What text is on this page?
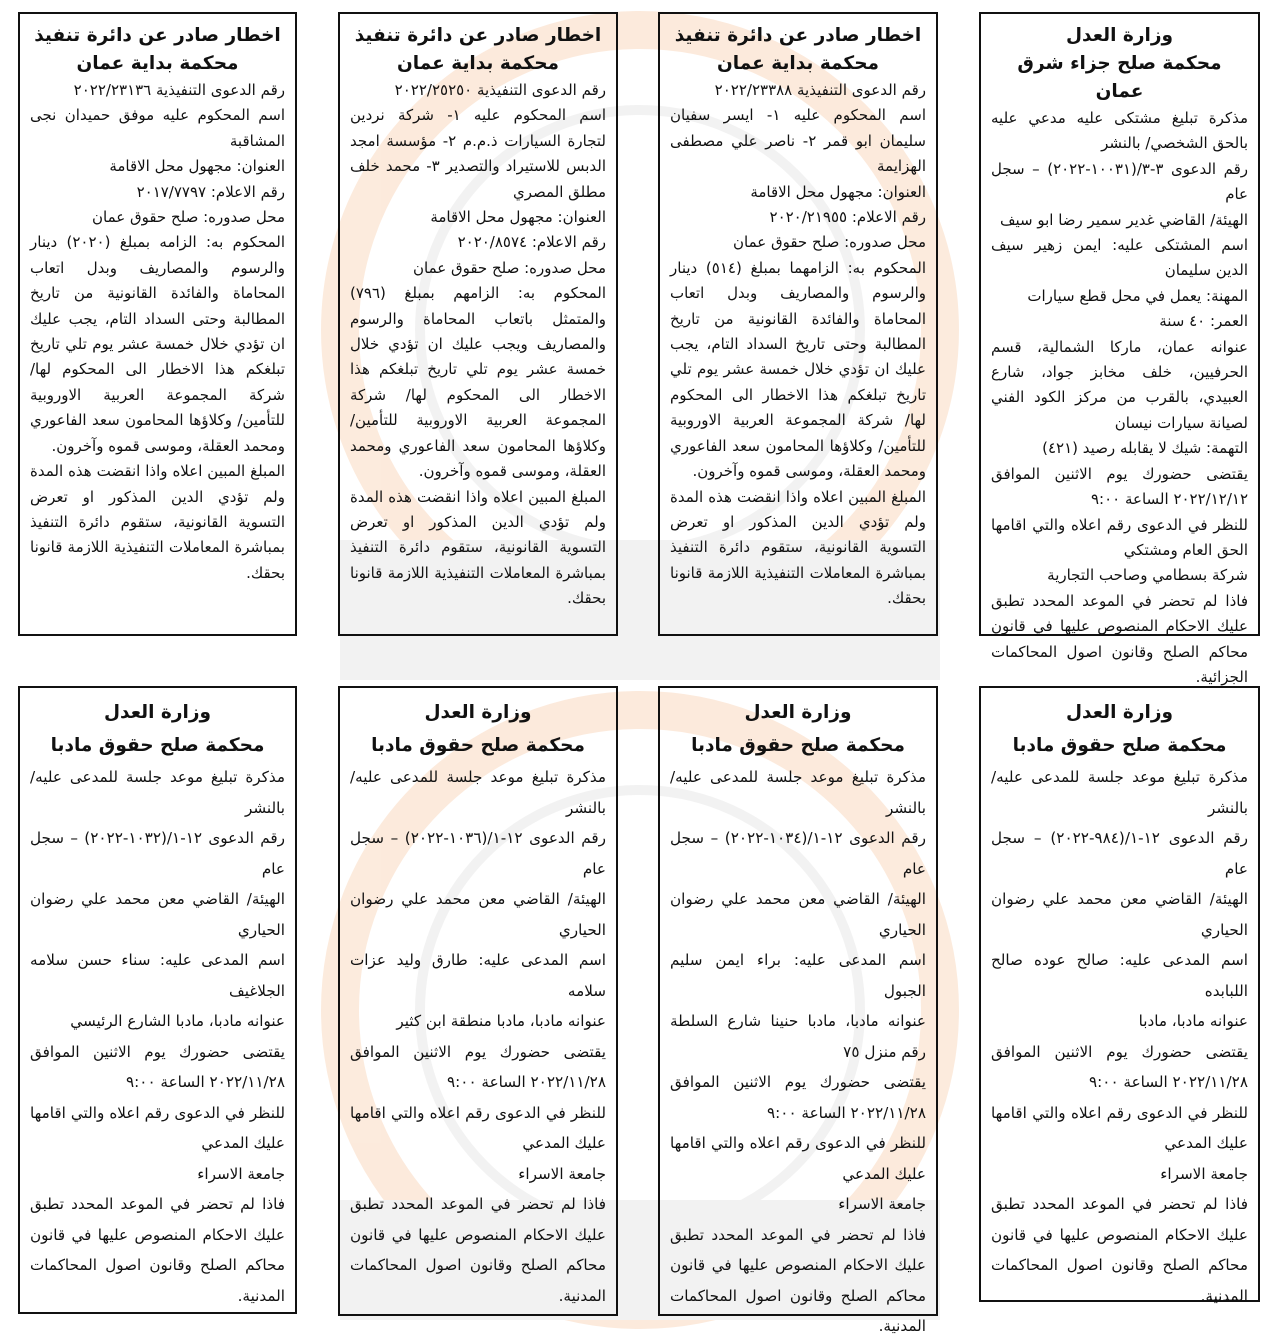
وزارة العدل
محكمة صلح جزاء شرق عمان

مذكرة تبليغ مشتكى عليه مدعي عليه بالحق الشخصي/ بالنشر

رقم الدعوى ٣-٣/(١٠٠٣١-٢٠٢٢) – سجل عام

الهيئة/ القاضي غدير سمير رضا ابو سيف

اسم المشتكى عليه: ايمن زهير سيف الدين سليمان

المهنة: يعمل في محل قطع سيارات

العمر: ٤٠ سنة

عنوانه عمان، ماركا الشمالية، قسم الحرفيين، خلف مخابز جواد، شارع العبيدي، بالقرب من مركز الكود الفني لصيانة سيارات نيسان

التهمة: شيك لا يقابله رصيد (٤٢١)

يقتضى حضورك يوم الاثنين الموافق ٢٠٢٢/١٢/١٢ الساعة ٩:٠٠

للنظر في الدعوى رقم اعلاه والتي اقامها الحق العام ومشتكي

شركة بسطامي وصاحب التجارية

فاذا لم تحضر في الموعد المحدد تطبق عليك الاحكام المنصوص عليها في قانون محاكم الصلح وقانون اصول المحاكمات الجزائية.

اخطار صادر عن دائرة تنفيذ
محكمة بداية عمان

رقم الدعوى التنفيذية ٢٠٢٢/٢٣٣٨٨

اسم المحكوم عليه ١- ايسر سفيان سليمان ابو قمر ٢- ناصر علي مصطفى الهزايمة

العنوان: مجهول محل الاقامة

رقم الاعلام: ٢٠٢٠/٢١٩٥٥

محل صدوره: صلح حقوق عمان

المحكوم به: الزامهما بمبلغ (٥١٤) دينار والرسوم والمصاريف وبدل اتعاب المحاماة والفائدة القانونية من تاريخ المطالبة وحتى تاريخ السداد التام، يجب عليك ان تؤدي خلال خمسة عشر يوم تلي تاريخ تبلغكم هذا الاخطار الى المحكوم لها/ شركة المجموعة العربية الاوروبية للتأمين/ وكلاؤها المحامون سعد الفاعوري ومحمد العقلة، وموسى قموه وآخرون.

المبلغ المبين اعلاه واذا انقضت هذه المدة ولم تؤدي الدين المذكور او تعرض التسوية القانونية، ستقوم دائرة التنفيذ بمباشرة المعاملات التنفيذية اللازمة قانونا بحقك.

اخطار صادر عن دائرة تنفيذ
محكمة بداية عمان

رقم الدعوى التنفيذية ٢٠٢٢/٢٥٢٥٠

اسم المحكوم عليه ١- شركة نردين لتجارة السيارات ذ.م.م ٢- مؤسسة امجد الدبس للاستيراد والتصدير ٣- محمد خلف مطلق المصري

العنوان: مجهول محل الاقامة

رقم الاعلام: ٢٠٢٠/٨٥٧٤

محل صدوره: صلح حقوق عمان

المحكوم به: الزامهم بمبلغ (٧٩٦) والمتمثل باتعاب المحاماة والرسوم والمصاريف ويجب عليك ان تؤدي خلال خمسة عشر يوم تلي تاريخ تبلغكم هذا الاخطار الى المحكوم لها/ شركة المجموعة العربية الاوروبية للتأمين/ وكلاؤها المحامون سعد الفاعوري ومحمد العقلة، وموسى قموه وآخرون.

المبلغ المبين اعلاه واذا انقضت هذه المدة ولم تؤدي الدين المذكور او تعرض التسوية القانونية، ستقوم دائرة التنفيذ بمباشرة المعاملات التنفيذية اللازمة قانونا بحقك.

اخطار صادر عن دائرة تنفيذ
محكمة بداية عمان

رقم الدعوى التنفيذية ٢٠٢٢/٢٣١٣٦

اسم المحكوم عليه موفق حميدان نجى المشاقبة

العنوان: مجهول محل الاقامة

رقم الاعلام: ٢٠١٧/٧٧٩٧

محل صدوره: صلح حقوق عمان

المحكوم به: الزامه بمبلغ (٢٠٢٠) دينار والرسوم والمصاريف وبدل اتعاب المحاماة والفائدة القانونية من تاريخ المطالبة وحتى السداد التام، يجب عليك ان تؤدي خلال خمسة عشر يوم تلي تاريخ تبلغكم هذا الاخطار الى المحكوم لها/ شركة المجموعة العربية الاوروبية للتأمين/ وكلاؤها المحامون سعد الفاعوري ومحمد العقلة، وموسى قموه وآخرون.

المبلغ المبين اعلاه واذا انقضت هذه المدة ولم تؤدي الدين المذكور او تعرض التسوية القانونية، ستقوم دائرة التنفيذ بمباشرة المعاملات التنفيذية اللازمة قانونا بحقك.

وزارة العدل
محكمة صلح حقوق مادبا

مذكرة تبليغ موعد جلسة للمدعى عليه/ بالنشر

رقم الدعوى ١٢-١/(٩٨٤-٢٠٢٢) – سجل عام

الهيئة/ القاضي معن محمد علي رضوان الحياري

اسم المدعى عليه: صالح عوده صالح اللبابده

عنوانه مادبا، مادبا

يقتضى حضورك يوم الاثنين الموافق ٢٠٢٢/١١/٢٨ الساعة ٩:٠٠

للنظر في الدعوى رقم اعلاه والتي اقامها عليك المدعي

جامعة الاسراء

فاذا لم تحضر في الموعد المحدد تطبق عليك الاحكام المنصوص عليها في قانون محاكم الصلح وقانون اصول المحاكمات المدنية.

وزارة العدل
محكمة صلح حقوق مادبا

مذكرة تبليغ موعد جلسة للمدعى عليه/ بالنشر

رقم الدعوى ١٢-١/(١٠٣٤-٢٠٢٢) – سجل عام

الهيئة/ القاضي معن محمد علي رضوان الحياري

اسم المدعى عليه: براء ايمن سليم الجبول

عنوانه مادبا، مادبا حنينا شارع السلطة رقم منزل ٧٥

يقتضى حضورك يوم الاثنين الموافق ٢٠٢٢/١١/٢٨ الساعة ٩:٠٠

للنظر في الدعوى رقم اعلاه والتي اقامها عليك المدعي

جامعة الاسراء

فاذا لم تحضر في الموعد المحدد تطبق عليك الاحكام المنصوص عليها في قانون محاكم الصلح وقانون اصول المحاكمات المدنية.

وزارة العدل
محكمة صلح حقوق مادبا

مذكرة تبليغ موعد جلسة للمدعى عليه/ بالنشر

رقم الدعوى ١٢-١/(١٠٣٦-٢٠٢٢) – سجل عام

الهيئة/ القاضي معن محمد علي رضوان الحياري

اسم المدعى عليه: طارق وليد عزات سلامه

عنوانه مادبا، مادبا منطقة ابن كثير

يقتضى حضورك يوم الاثنين الموافق ٢٠٢٢/١١/٢٨ الساعة ٩:٠٠

للنظر في الدعوى رقم اعلاه والتي اقامها عليك المدعي

جامعة الاسراء

فاذا لم تحضر في الموعد المحدد تطبق عليك الاحكام المنصوص عليها في قانون محاكم الصلح وقانون اصول المحاكمات المدنية.

وزارة العدل
محكمة صلح حقوق مادبا

مذكرة تبليغ موعد جلسة للمدعى عليه/ بالنشر

رقم الدعوى ١٢-١/(١٠٣٢-٢٠٢٢) – سجل عام

الهيئة/ القاضي معن محمد علي رضوان الحياري

اسم المدعى عليه: سناء حسن سلامه الجلاغيف

عنوانه مادبا، مادبا الشارع الرئيسي

يقتضى حضورك يوم الاثنين الموافق ٢٠٢٢/١١/٢٨ الساعة ٩:٠٠

للنظر في الدعوى رقم اعلاه والتي اقامها عليك المدعي

جامعة الاسراء

فاذا لم تحضر في الموعد المحدد تطبق عليك الاحكام المنصوص عليها في قانون محاكم الصلح وقانون اصول المحاكمات المدنية.
